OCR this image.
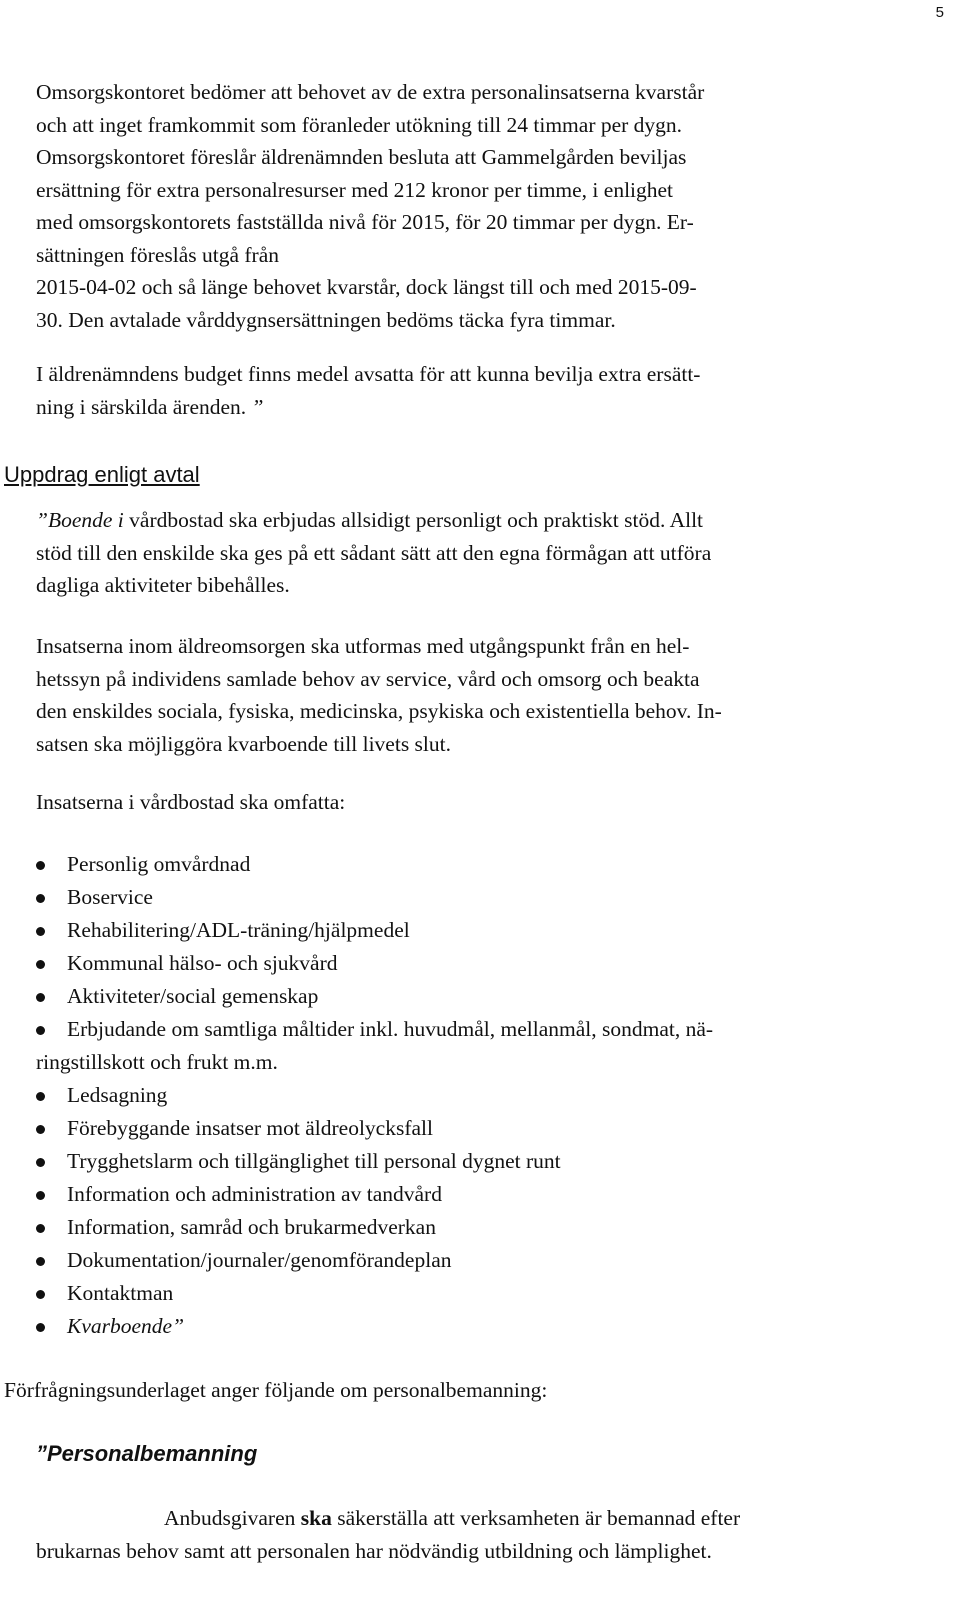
5
Omsorgskontoret bedömer att behovet av de extra personalinsatserna kvarstår
och att inget framkommit som föranleder utökning till 24 timmar per dygn.
Omsorgskontoret föreslår äldrenämnden besluta att Gammelgården beviljas
ersättning för extra personalresurser med 212 kronor per timme, i enlighet
med omsorgskontorets fastställda nivå för 2015, för 20 timmar per dygn. Er-
sättningen föreslås utgå från
2015-04-02 och så länge behovet kvarstår, dock längst till och med 2015-09-
30. Den avtalade vårddygnsersättningen bedöms täcka fyra timmar.
I äldrenämndens budget finns medel avsatta för att kunna bevilja extra ersätt-
ning i särskilda ärenden. ”
Uppdrag enligt avtal
”Boende i vårdbostad ska erbjudas allsidigt personligt och praktiskt stöd. Allt
stöd till den enskilde ska ges på ett sådant sätt att den egna förmågan att utföra
dagliga aktiviteter bibehålles.
Insatserna inom äldreomsorgen ska utformas med utgångspunkt från en hel-
hetssyn på individens samlade behov av service, vård och omsorg och beakta
den enskildes sociala, fysiska, medicinska, psykiska och existentiella behov. In-
satsen ska möjliggöra kvarboende till livets slut.
Insatserna i vårdbostad ska omfatta:
Personlig omvårdnad
Boservice
Rehabilitering/ADL-träning/hjälpmedel
Kommunal hälso- och sjukvård
Aktiviteter/social gemenskap
Erbjudande om samtliga måltider inkl. huvudmål, mellanmål, sondmat, nä-
ringstillskott och frukt m.m.
Ledsagning
Förebyggande insatser mot äldreolycksfall
Trygghetslarm och tillgänglighet till personal dygnet runt
Information och administration av tandvård
Information, samråd och brukarmedverkan
Dokumentation/journaler/genomförandeplan
Kontaktman
Kvarboende”
Förfrågningsunderlaget anger följande om personalbemanning:
”Personalbemanning
Anbudsgivaren ska säkerställa att verksamheten är bemannad efter
brukarnas behov samt att personalen har nödvändig utbildning och lämplighet.
